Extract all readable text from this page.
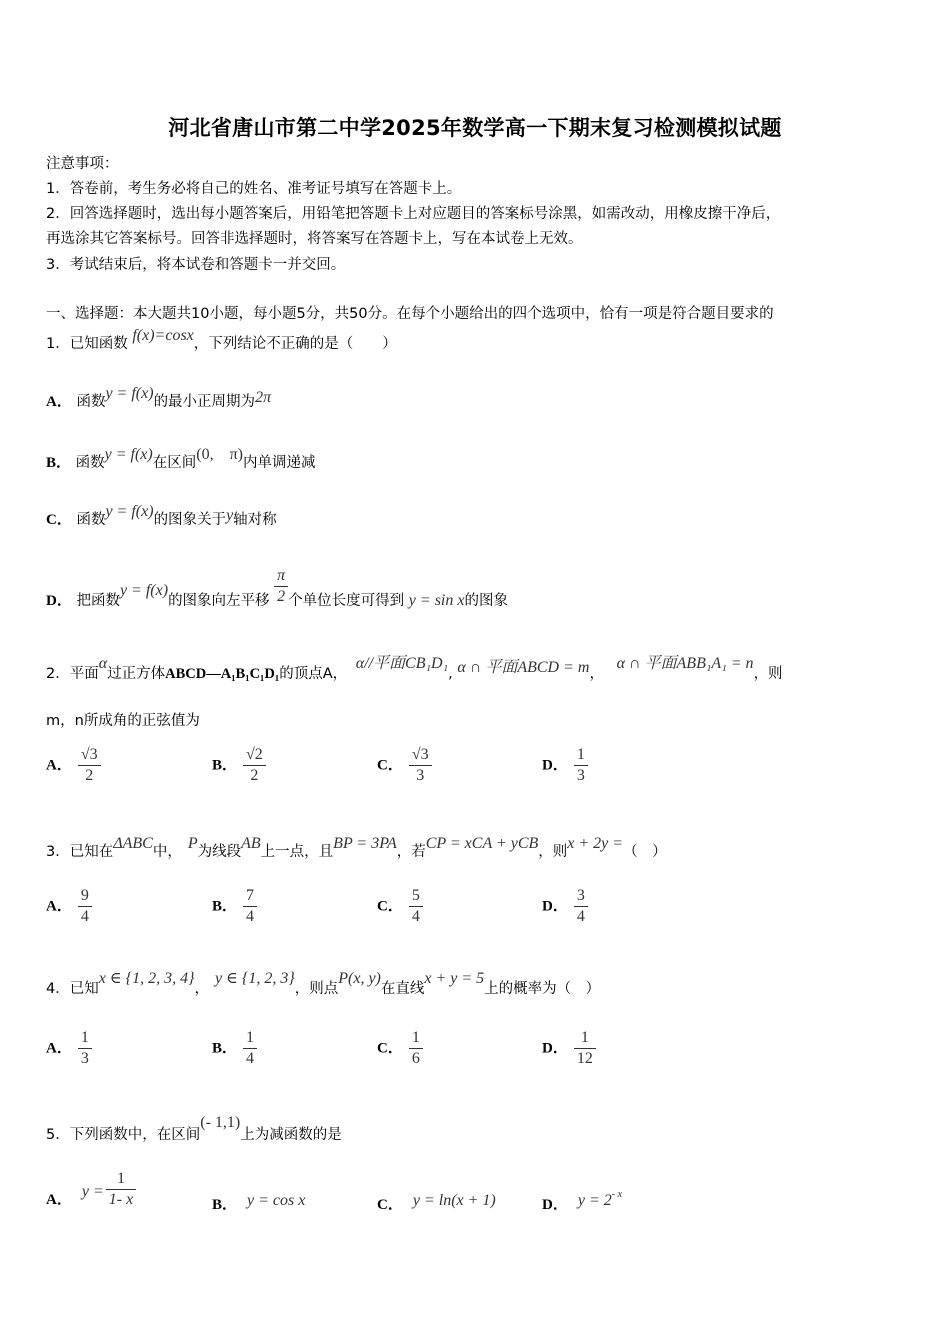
河北省唐山市第二中学2025年数学高一下期末复习检测模拟试题
注意事项：
1．答卷前，考生务必将自己的姓名、准考证号填写在答题卡上。
2．回答选择题时，选出每小题答案后，用铅笔把答题卡上对应题目的答案标号涂黑，如需改动，用橡皮擦干净后，
再选涂其它答案标号。回答非选择题时，将答案写在答题卡上，写在本试卷上无效。
3．考试结束后，将本试卷和答题卡一并交回。
一、选择题：本大题共10小题，每小题5分，共50分。在每个小题给出的四个选项中，恰有一项是符合题目要求的
1．已知函数 f(x)=cosx，下列结论不正确的是（　　）
A． 函数y = f(x)的最小正周期为2π
B． 函数y = f(x)在区间(0,　π)内单调递减
C． 函数y = f(x)的图象关于y轴对称
D． 把函数y = f(x)的图象向左平移 $\frac{\pi}{2}$ 个单位长度可得到 y = sin x的图象
2．平面α过正方体ABCD—A₁B₁C₁D₁的顶点A， α//平面CB₁D₁, α ∩ 平面ABCD = m， α ∩ 平面ABB₁A₁ = n，则
m，n所成角的正弦值为
A． $\frac{√3}{2}$	B． $\frac{√2}{2}$	C． $\frac{√3}{3}$	D． $\frac{1}{3}$
3．已知在ΔABC中， P为线段AB上一点，且BP = 3PA，若CP = xCA + yCB，则x + 2y =（　）
A． $\frac{9}{4}$	B． $\frac{7}{4}$	C． $\frac{5}{4}$	D． $\frac{3}{4}$
4．已知x ∈ {1, 2, 3, 4}，y ∈ {1, 2, 3}，则点P(x, y)在直线x + y = 5上的概率为（　）
A． $\frac{1}{3}$	B． $\frac{1}{4}$	C． $\frac{1}{6}$	D． $\frac{1}{12}$
5．下列函数中，在区间(- 1,1)上为减函数的是
A． $y = \frac{1}{1- x}$	B． y = cos x	C． y = ln(x + 1)	D． $y = 2^{- x}$
